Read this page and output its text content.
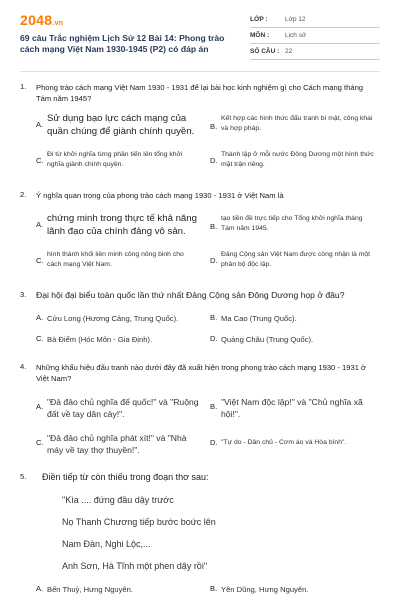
2048.vn
69 câu Trắc nghiệm Lịch Sử 12 Bài 14: Phong trào cách mạng Việt Nam 1930-1945 (P2) có đáp án
LỚP :	Lớp 12
MÔN : Lịch sử
SỐ CÂU : 22
1. Phong trào cách mạng Việt Nam 1930 - 1931 để lại bài học kinh nghiệm gì cho Cách mạng tháng Tám năm 1945?
A.
Sử dụng bạo lực cách mạng của quần chúng để giành chính quyền.	B.
Kết hợp các hình thức đấu tranh bí mật, công khai và hợp pháp.
C.
Đi từ khởi nghĩa từng phần tiến lên tổng khởi nghĩa giành chính quyền.	D.
Thành lập ở mỗi nước Đông Dương một hình thức mặt trận riêng.
2. Ý nghĩa quan trọng của phong trào cách mạng 1930 - 1931 ở Việt Nam là
A.
chứng minh trong thực tế khả năng lãnh đạo của chính đảng vô sản.	B.
tạo tiền đề trực tiếp cho Tổng khởi nghĩa tháng Tám năm 1945.
C.
hình thành khối liên minh công nông binh cho cách mạng Việt Nam.	D.
Đảng Cộng sản Việt Nam được công nhận là một phân bộ độc lập.
3. Đại hội đại biểu toàn quốc lần thứ nhất Đảng Cộng sản Đông Dương họp ở đâu?
A. Cửu Long (Hương Cảng, Trung Quốc).	B. Ma Cao (Trung Quốc).
C. Bà Điểm (Hóc Môn - Gia Định).	D. Quảng Châu (Trung Quốc).
4. Những khẩu hiệu đấu tranh nào dưới đây đã xuất hiện trong phong trào cách mạng 1930 - 1931 ở Việt Nam?
A. "Đả đảo chủ nghĩa đế quốc!" và "Ruộng đất về tay dân cày!".
B. "Việt Nam độc lập!" và "Chủ nghĩa xã hội!".
C. "Đả đảo chủ nghĩa phát xít!" và "Nhà máy về tay thợ thuyền!".
D. "Tự do - Dân chủ - Cơm áo và Hòa bình".
5. Điền tiếp từ còn thiếu trong đoạn thơ sau:
"Kìa .... đứng đầu dậy trước
Nọ Thanh Chương tiếp bước boức lên
Nam Đàn, Nghi Lộc,...
Anh Sơn, Hà Tĩnh một phen dậy rồi"
A. Bến Thuỷ, Hưng Nguyên.	B. Yên Dũng, Hưng Nguyên.
